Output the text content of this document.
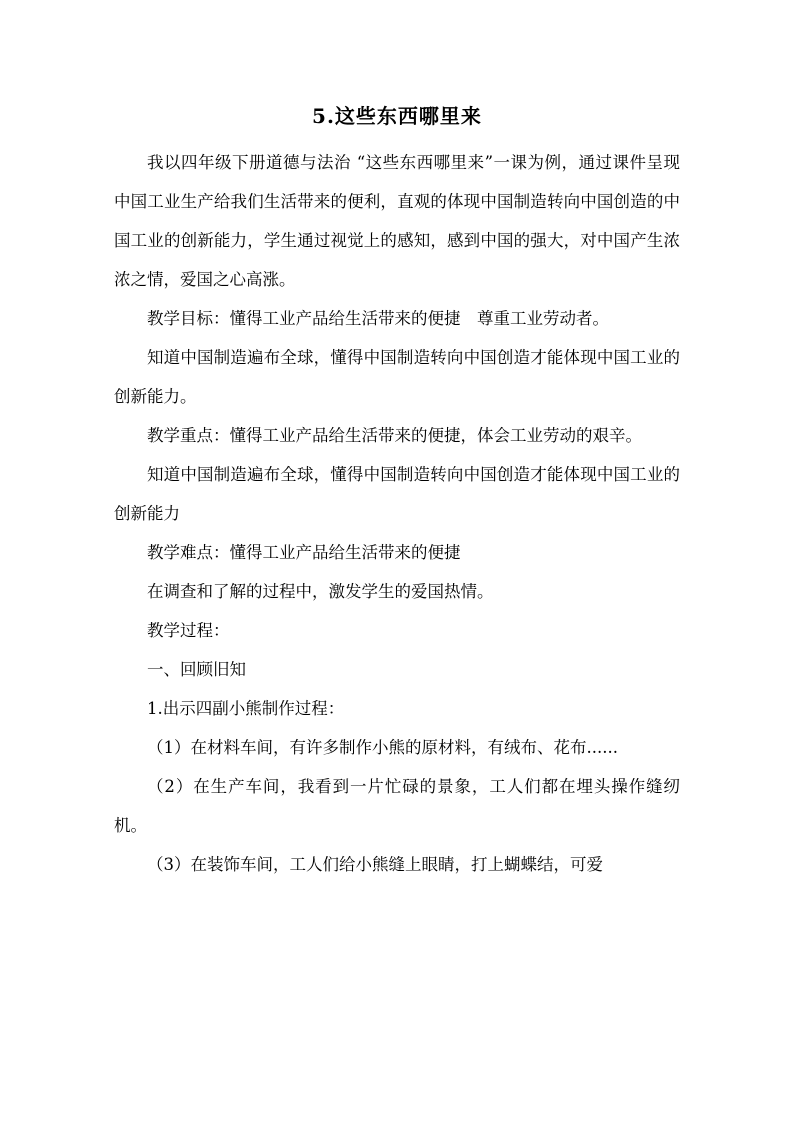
5.这些东西哪里来

我以四年级下册道德与法治 “这些东西哪里来”一课为例，通过课件呈现中国工业生产给我们生活带来的便利，直观的体现中国制造转向中国创造的中国工业的创新能力，学生通过视觉上的感知，感到中国的强大，对中国产生浓浓之情，爱国之心高涨。

教学目标：懂得工业产品给生活带来的便捷　尊重工业劳动者。

知道中国制造遍布全球，懂得中国制造转向中国创造才能体现中国工业的创新能力。

教学重点：懂得工业产品给生活带来的便捷，体会工业劳动的艰辛。

知道中国制造遍布全球，懂得中国制造转向中国创造才能体现中国工业的创新能力

教学难点：懂得工业产品给生活带来的便捷

在调查和了解的过程中，激发学生的爱国热情。

教学过程：

一、回顾旧知

1.出示四副小熊制作过程：

（1）在材料车间，有许多制作小熊的原材料，有绒布、花布......

（2）在生产车间，我看到一片忙碌的景象，工人们都在埋头操作缝纫机。

（3）在装饰车间，工人们给小熊缝上眼睛，打上蝴蝶结，可爱
